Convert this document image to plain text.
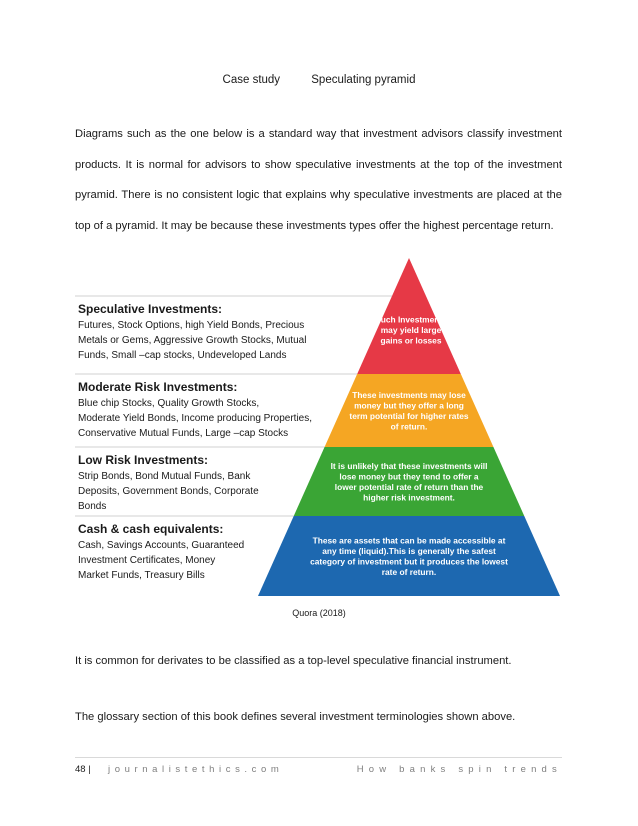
Case study	Speculating pyramid

Diagrams such as the one below is a standard way that investment advisors classify investment
products. It is normal for advisors to show speculative investments at the top of the investment
pyramid. There is no consistent logic that explains why speculative investments are placed at the
top of a pyramid. It may be because these investments types offer the highest percentage return.

Speculative Investments:
Futures, Stock Options, high Yield Bonds, Precious
Metals or Gems, Aggressive Growth Stocks, Mutual
Funds, Small –cap stocks, Undeveloped Lands
Moderate Risk Investments:
Blue chip Stocks, Quality Growth Stocks,
Moderate Yield Bonds, Income producing Properties,
Conservative Mutual Funds, Large –cap Stocks
Low Risk Investments:
Strip Bonds, Bond Mutual Funds, Bank
Deposits, Government Bonds, Corporate
Bonds
Cash & cash equivalents:
Cash, Savings Accounts, Guaranteed
Investment Certificates, Money
Market Funds, Treasury Bills
Such Investments
may yield large
gains or losses
These investments may lose
money but they offer a long
term potential for higher rates
of return.
It is unlikely that these investments will
lose money but they tend to offer a
lower potential rate of return than the
higher risk investment.
These are assets that can be made accessible at
any time (liquid).This is generally the safest
category of investment but it produces the lowest
rate of return.
Quora (2018)

It is common for derivates to be classified as a top-level speculative financial instrument.

The glossary section of this book defines several investment terminologies shown above.

48 | journalistethics.com	How banks spin trends
